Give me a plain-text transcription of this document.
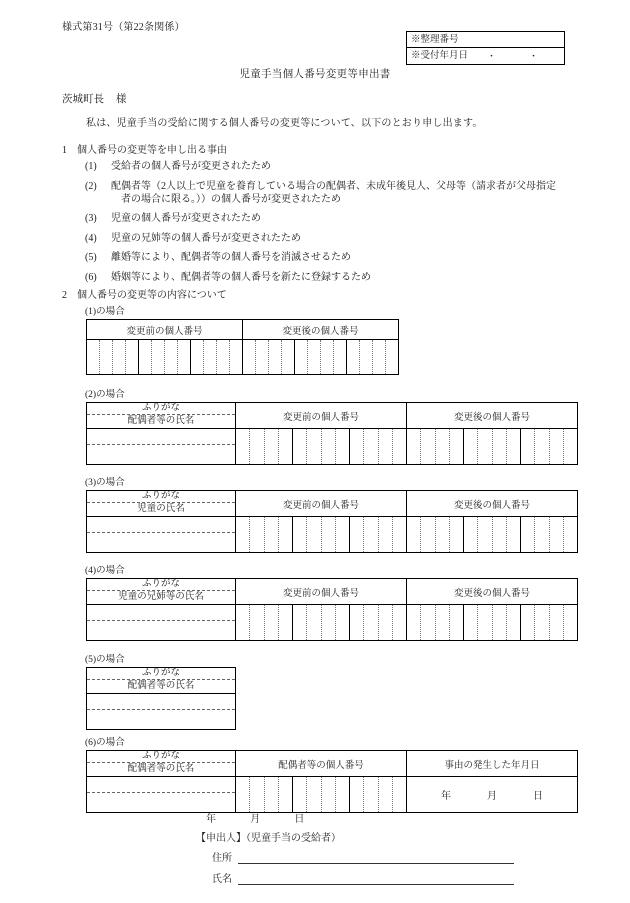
様式第31号（第22条関係）
※整理番号
※受付年月日 ・　・
児童手当個人番号変更等申出書
茨城町長 様
私は、児童手当の受給に関する個人番号の変更等について、以下のとおり申し出ます。
1 個人番号の変更等を申し出る事由
(1)	受給者の個人番号が変更されたため
(2)	配偶者等（2人以上で児童を養育している場合の配偶者、未成年後見人、父母等（請求者が父母指定
者の場合に限る。））の個人番号が変更されたため
(3)	児童の個人番号が変更されたため
(4)	児童の兄姉等の個人番号が変更されたため
(5)	離婚等により、配偶者等の個人番号を消滅させるため
(6)	婚姻等により、配偶者等の個人番号を新たに登録するため
2 個人番号の変更等の内容について
(1)の場合
変更前の個人番号	変更後の個人番号

(2)の場合
ふりがな	変更前の個人番号	変更後の個人番号
配偶者等の氏名		

(3)の場合
ふりがな	変更前の個人番号	変更後の個人番号
児童の氏名		

(4)の場合
ふりがな	変更前の個人番号	変更後の個人番号
児童の兄姉等の氏名		

(5)の場合
ふりがな
配偶者等の氏名

(6)の場合
ふりがな	配偶者等の個人番号	事由の発生した年月日
配偶者等の氏名		

		年 月 日

年	月	日
【申出人】（児童手当の受給者）
住所
氏名
